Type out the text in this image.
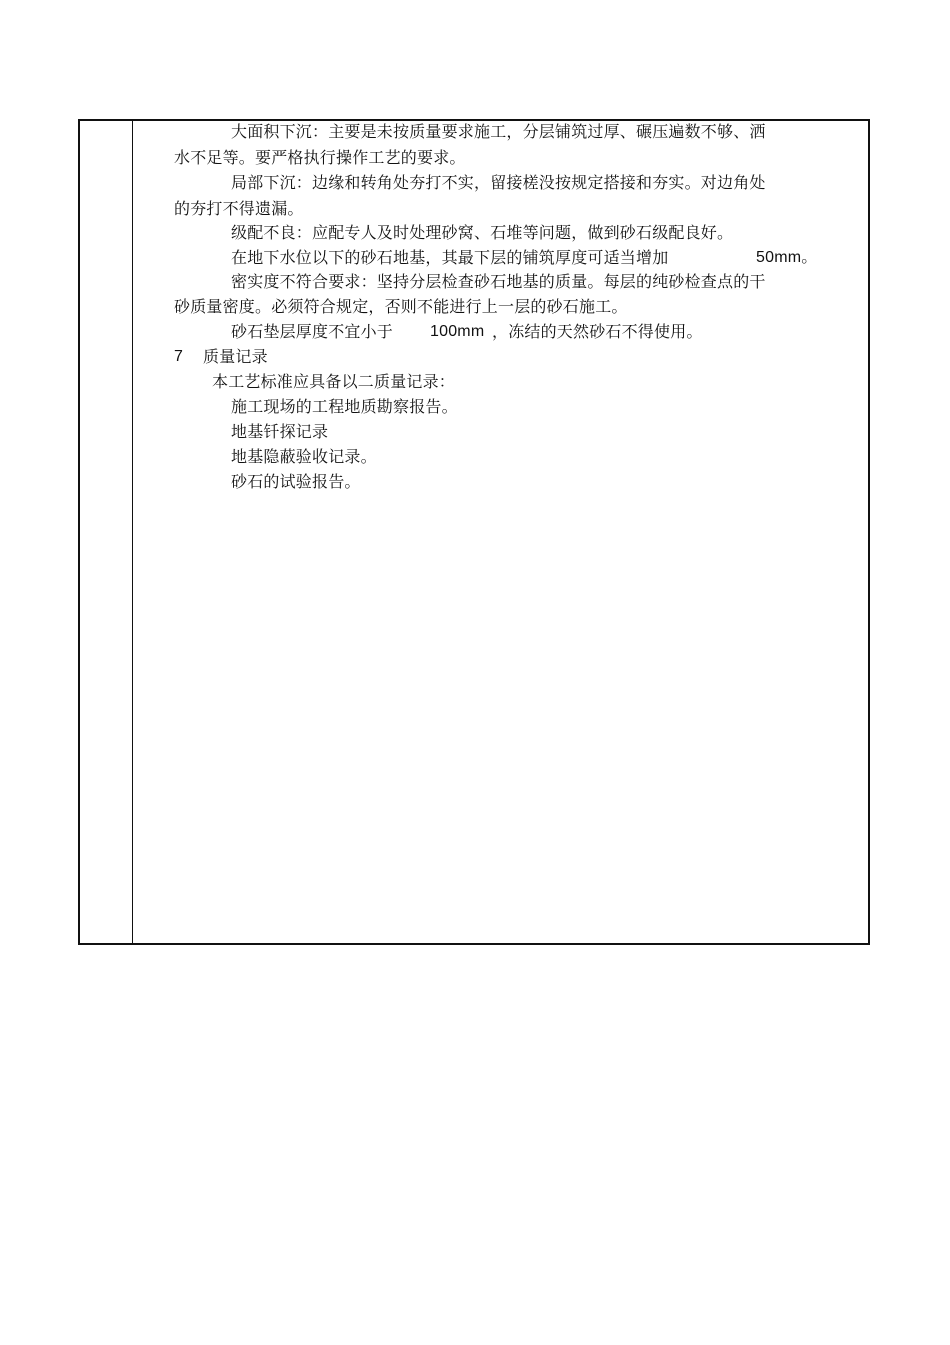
大面积下沉：主要是未按质量要求施工，分层铺筑过厚、碾压遍数不够、洒
水不足等。要严格执行操作工艺的要求。
局部下沉：边缘和转角处夯打不实，留接槎没按规定搭接和夯实。对边角处
的夯打不得遗漏。
级配不良：应配专人及时处理砂窝、石堆等问题，做到砂石级配良好。
在地下水位以下的砂石地基，其最下层的铺筑厚度可适当增加	50mm。
密实度不符合要求：坚持分层检查砂石地基的质量。每层的纯砂检查点的干
砂质量密度。必须符合规定，否则不能进行上一层的砂石施工。
砂石垫层厚度不宜小于 100mm ，冻结的天然砂石不得使用。
7 质量记录
本工艺标准应具备以二质量记录：
施工现场的工程地质勘察报告。
地基钎探记录
地基隐蔽验收记录。
砂石的试验报告。
